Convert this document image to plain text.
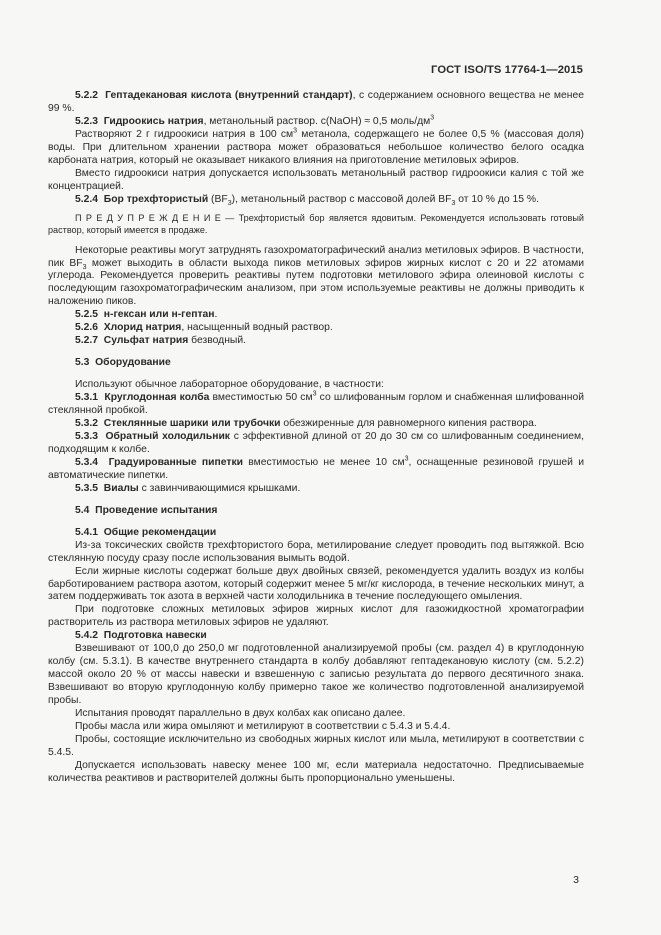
ГОСТ ISO/TS 17764-1—2015

5.2.2 Гептадекановая кислота (внутренний стандарт), с содержанием основного вещества не менее 99 %.

5.2.3 Гидроокись натрия, метанольный раствор. c(NaOH) ≈ 0,5 моль/$дм^3$

Растворяют 2 г гидроокиси натрия в 100 $см^3$ метанола, содержащего не более 0,5 % (массовая доля) воды. При длительном хранении раствора может образоваться небольшое количество белого осадка карбоната натрия, который не оказывает никакого влияния на приготовление метиловых эфиров.

Вместо гидроокиси натрия допускается использовать метанольный раствор гидроокиси калия с той же концентрацией.

5.2.4 Бор трехфтористый $(BF_3)$, метанольный раствор с массовой долей $BF_3$ от 10 % до 15 %.

П Р Е Д У П Р Е Ж Д Е Н И Е — Трехфтористый бор является ядовитым. Рекомендуется использовать готовый раствор, который имеется в продаже.

Некоторые реактивы могут затруднять газохроматографический анализ метиловых эфиров. В частности, пик $BF_3$ может выходить в области выхода пиков метиловых эфиров жирных кислот с 20 и 22 атомами углерода. Рекомендуется проверить реактивы путем подготовки метилового эфира олеиновой кислоты с последующим газохроматографическим анализом, при этом используемые реактивы не должны приводить к наложению пиков.

5.2.5 н-гексан или н-гептан.

5.2.6 Хлорид натрия, насыщенный водный раствор.

5.2.7 Сульфат натрия безводный.

5.3 Оборудование

Используют обычное лабораторное оборудование, в частности:

5.3.1 Круглодонная колба вместимостью 50 $см^3$ со шлифованным горлом и снабженная шлифованной стеклянной пробкой.

5.3.2 Стеклянные шарики или трубочки обезжиренные для равномерного кипения раствора.

5.3.3 Обратный холодильник с эффективной длиной от 20 до 30 см со шлифованным соединением, подходящим к колбе.

5.3.4 Градуированные пипетки вместимостью не менее 10 $см^3$, оснащенные резиновой грушей и автоматические пипетки.

5.3.5 Виалы с завинчивающимися крышками.

5.4 Проведение испытания

5.4.1 Общие рекомендации

Из-за токсических свойств трехфтористого бора, метилирование следует проводить под вытяжкой. Всю стеклянную посуду сразу после использования вымыть водой.

Если жирные кислоты содержат больше двух двойных связей, рекомендуется удалить воздух из колбы барботированием раствора азотом, который содержит менее 5 мг/кг кислорода, в течение нескольких минут, а затем поддерживать ток азота в верхней части холодильника в течение последующего омыления.

При подготовке сложных метиловых эфиров жирных кислот для газожидкостной хроматографии растворитель из раствора метиловых эфиров не удаляют.

5.4.2 Подготовка навески

Взвешивают от 100,0 до 250,0 мг подготовленной анализируемой пробы (см. раздел 4) в круглодонную колбу (см. 5.3.1). В качестве внутреннего стандарта в колбу добавляют гептадекановую кислоту (см. 5.2.2) массой около 20 % от массы навески и взвешенную с записью результата до первого десятичного знака. Взвешивают во вторую круглодонную колбу примерно такое же количество подготовленной анализируемой пробы.

Испытания проводят параллельно в двух колбах как описано далее.

Пробы масла или жира омыляют и метилируют в соответствии с 5.4.3 и 5.4.4.

Пробы, состоящие исключительно из свободных жирных кислот или мыла, метилируют в соответствии с 5.4.5.

Допускается использовать навеску менее 100 мг, если материала недостаточно. Предписываемые количества реактивов и растворителей должны быть пропорционально уменьшены.

3
